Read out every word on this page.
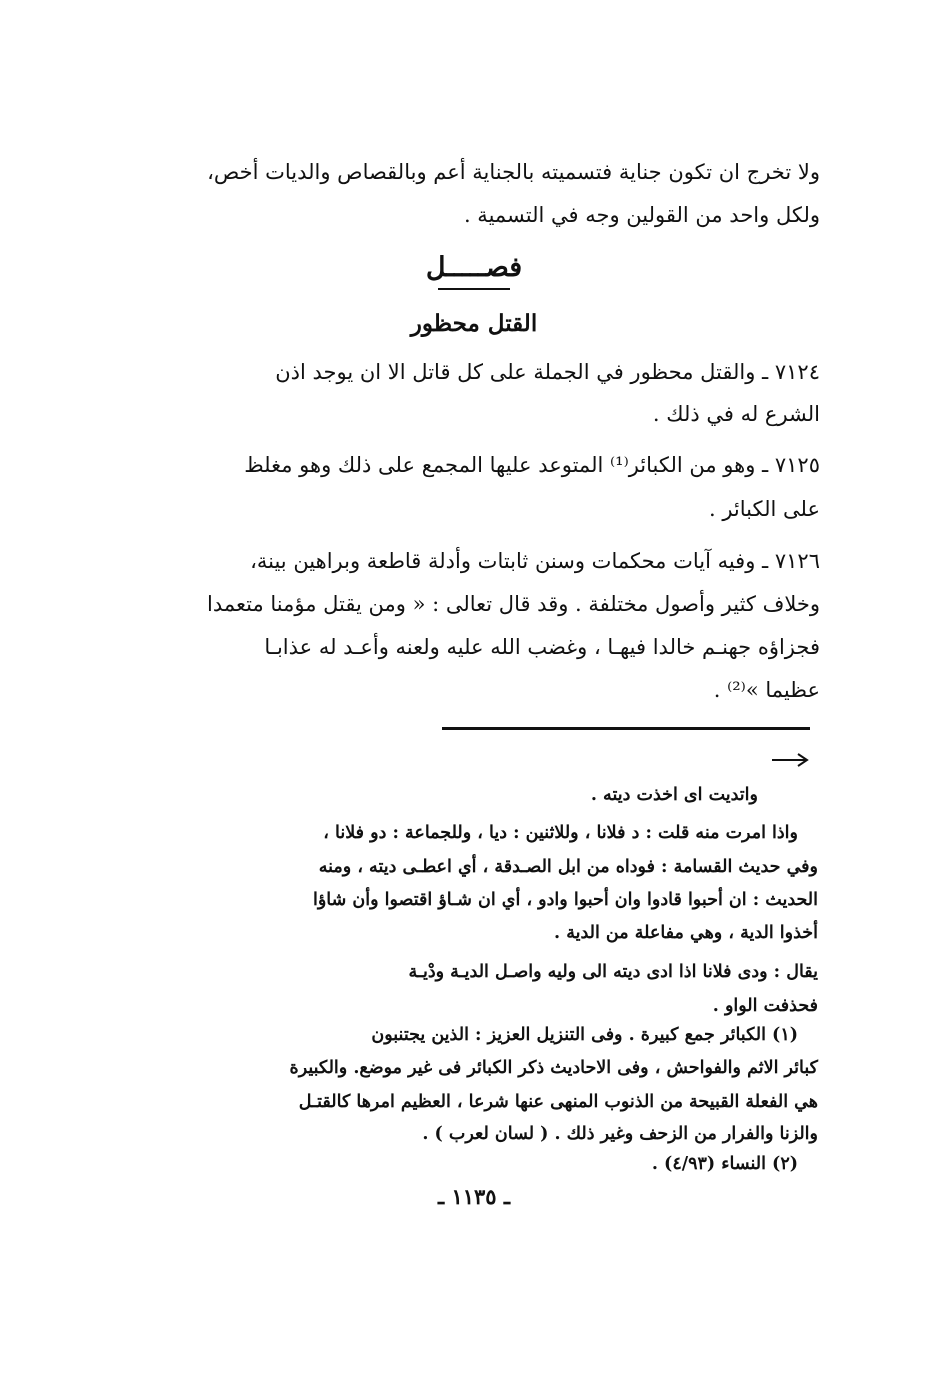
ولا تخرج ان تكون جناية فتسميته بالجناية أعم وبالقصاص والديات أخص،
ولكل واحد من القولين وجه في التسمية .
فصـــــل
القتل محظور
٧١٢٤ ـ والقتل محظور في الجملة على كل قاتل الا ان يوجد اذن
الشرع له في ذلك .
٧١٢٥ ـ وهو من الكبائر⁽¹⁾ المتوعد عليها المجمع على ذلك وهو مغلظ
على الكبائر .
٧١٢٦ ـ وفيه آيات محكمات وسنن ثابتات وأدلة قاطعة وبراهين بينة،
وخلاف كثير وأصول مختلفة . وقد قال تعالى : « ومن يقتل مؤمنا متعمدا
فجزاؤه جهنـم خالدا فيهـا ، وغضب الله عليه ولعنه وأعـد له عذابـا
عظيما »⁽²⁾ .
واتديت اى اخذت ديته .
واذا امرت منه قلت : د فلانا ، وللاثنين : ديا ، وللجماعة : دو فلانا ،
وفي حديث القسامة : فوداه من ابل الصـدقة ، أي اعطـى ديته ، ومنه
الحديث : ان أحبوا قادوا وان أحبوا وادو ، أي ان شـاؤ اقتصوا وأن شاؤا
أخذوا الدية ، وهي مفاعلة من الدية .
يقال : ودى فلانا اذا ادى ديته الى وليه واصـل الديـة ودْيـة
فحذفت الواو .
(١) الكبائر جمع كبيرة . وفى التنزيل العزيز : الذين يجتنبون
كبائر الاثم والفواحش ، وفى الاحاديث ذكر الكبائر فى غير موضع. والكبيرة
هي الفعلة القبيحة من الذنوب المنهى عنها شرعا ، العظيم امرها كالقتـل
والزنا والفرار من الزحف وغير ذلك . ( لسان لعرب ) .
(٢) النساء (٤/٩٣) .
ـ ١١٣٥ ـ
